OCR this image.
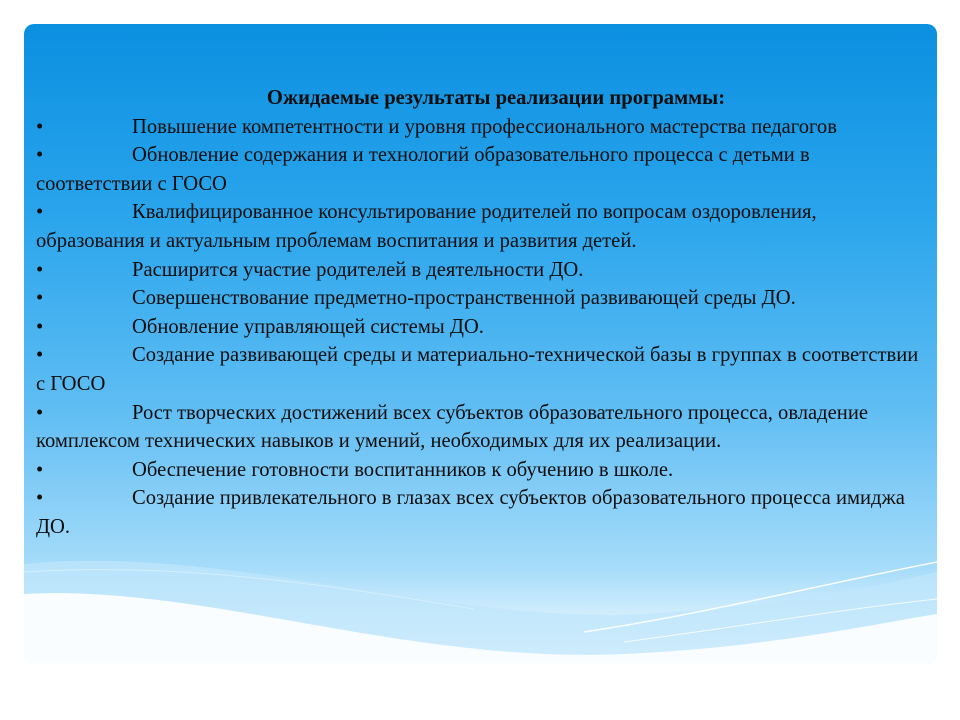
Ожидаемые результаты реализации программы:
•	Повышение компетентности и уровня профессионального мастерства педагогов
•	Обновление содержания и технологий образовательного процесса с детьми в соответствии с ГОСО
•	Квалифицированное консультирование родителей по вопросам оздоровления, образования и актуальным проблемам воспитания и развития детей.
•	Расширится участие родителей в деятельности ДО.
•	Совершенствование предметно-пространственной развивающей среды ДО.
•	Обновление управляющей системы ДО.
•	Создание развивающей среды и материально-технической базы в группах в соответствии с ГОСО
•	Рост творческих достижений всех субъектов образовательного процесса, овладение комплексом технических навыков и умений, необходимых для их реализации.
•	Обеспечение готовности воспитанников к обучению в школе.
•	Создание привлекательного в глазах всех субъектов образовательного процесса имиджа ДО.
